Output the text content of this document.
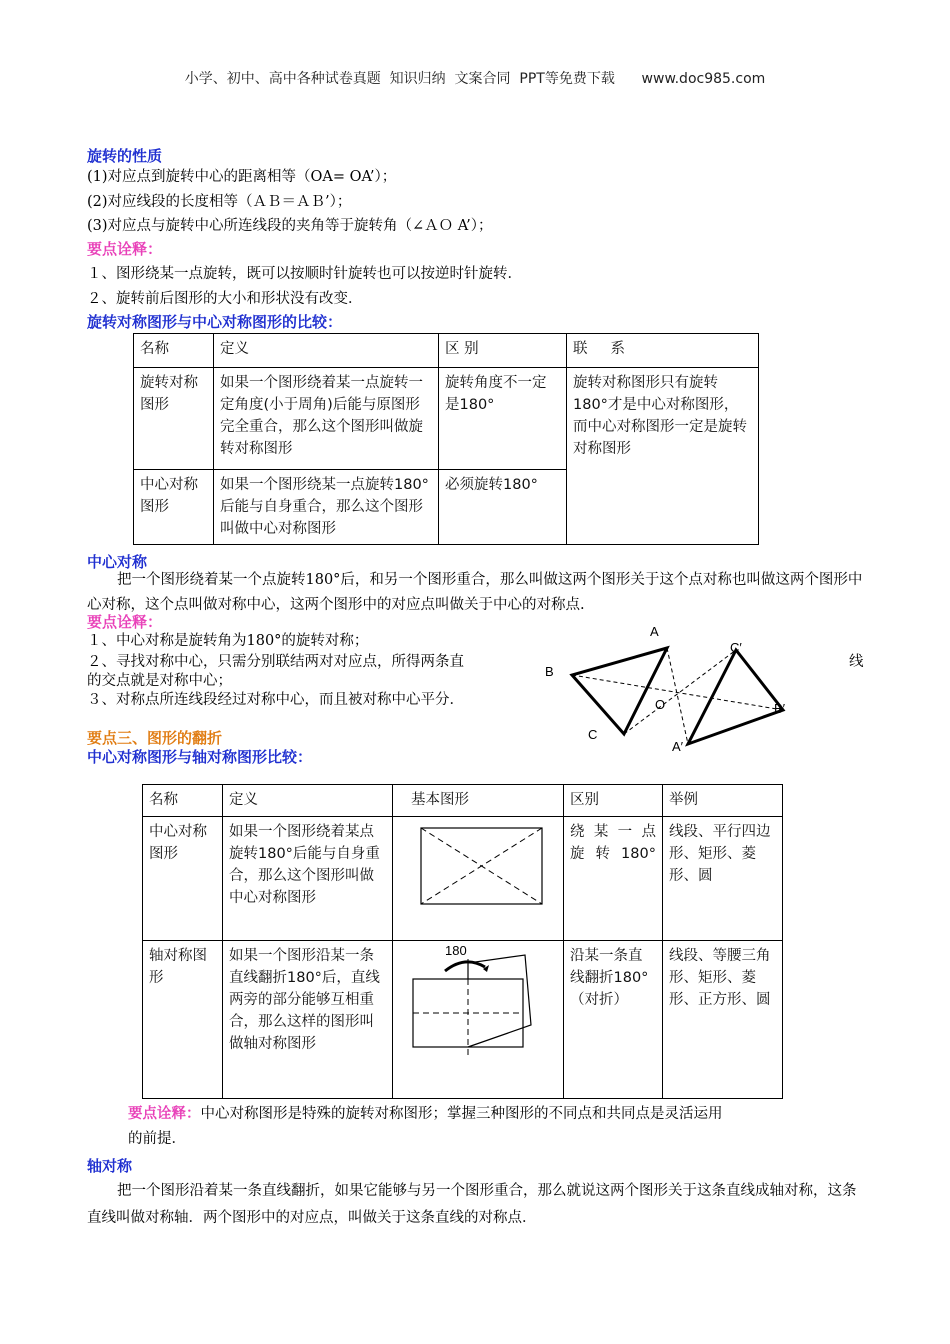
小学、初中、高中各种试卷真题  知识归纳  文案合同  PPT等免费下载      www.doc985.com
旋转的性质
(1)对应点到旋转中心的距离相等（OA= OA’）；
(2)对应线段的长度相等（ＡＢ＝ＡＢ’）；
(3)对应点与旋转中心所连线段的夹角等于旋转角（∠ＡＯ A’）；
要点诠释：
１、图形绕某一点旋转，既可以按顺时针旋转也可以按逆时针旋转．
２、旋转前后图形的大小和形状没有改变．
旋转对称图形与中心对称图形的比较：
名称	定义	区 别	联     系
旋转对称图形	如果一个图形绕着某一点旋转一定角度(小于周角)后能与原图形完全重合，那么这个图形叫做旋转对称图形	旋转角度不一定是180°	旋转对称图形只有旋转180°才是中心对称图形，而中心对称图形一定是旋转对称图形
中心对称图形	如果一个图形绕某一点旋转180°后能与自身重合，那么这个图形叫做中心对称图形	必须旋转180°	
中心对称
把一个图形绕着某一个点旋转180°后，和另一个图形重合，那么叫做这两个图形关于这个点对称也叫做这两个图形中心对称，这个点叫做对称中心，这两个图形中的对应点叫做关于中心的对称点.
要点诠释：
１、中心对称是旋转角为180°的旋转对称；
２、寻找对称中心，只需分别联结两对对应点，所得两条直	线
的交点就是对称中心；
３、对称点所连线段经过对称中心，而且被对称中心平分．
A
B
C
O
A′
B′
C′
要点三、图形的翻折
中心对称图形与轴对称图形比较：
名称	定义	基本图形	区别	举例
中心对称图形	如果一个图形绕着某点旋转180°后能与自身重合，那么这个图形叫做中心对称图形		绕 某 一 点 旋 转 180°	线段、平行四边形、矩形、菱形、圆
轴对称图形	如果一个图形沿某一条直线翻折180°后，直线两旁的部分能够互相重合，那么这样的图形叫做轴对称图形	180	沿某一条直线翻折180°（对折）	线段、等腰三角形、矩形、菱形、正方形、圆
要点诠释：中心对称图形是特殊的旋转对称图形；掌握三种图形的不同点和共同点是灵活运用
的前提．
轴对称
把一个图形沿着某一条直线翻折，如果它能够与另一个图形重合，那么就说这两个图形关于这条直线成轴对称，这条直线叫做对称轴．两个图形中的对应点，叫做关于这条直线的对称点．
